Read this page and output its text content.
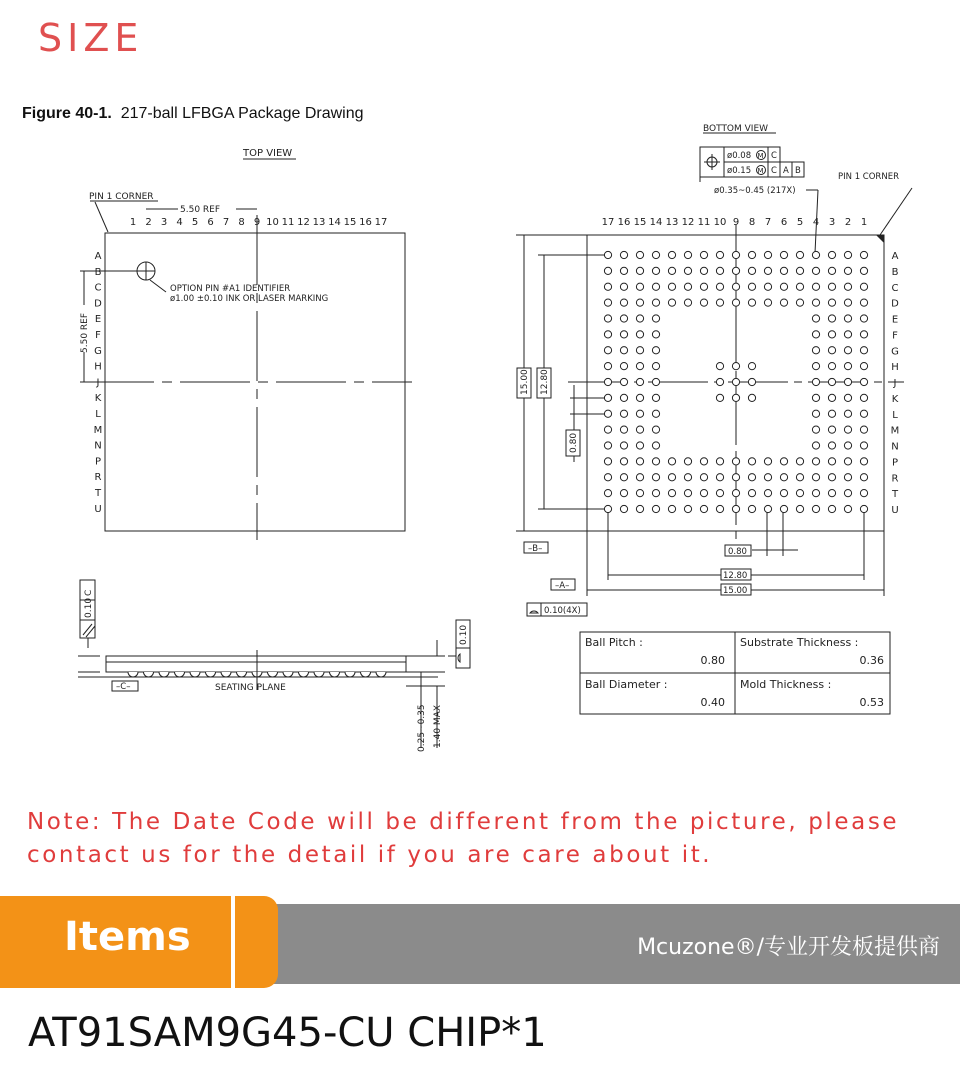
SIZE
Figure 40-1. 217-ball LFBGA Package Drawing
TOP VIEW
PIN 1 CORNER
5.50 REF
OPTION PIN #A1 IDENTIFIER
ø1.00 ±0.10 INK OR LASER MARKING
5.50 REF
1 2 3 4 5 6 7 8 9 10 11 12 13 14 15 16 17
A
B
C
D
E
F
G
H
J
K
L
M
N
P
R
T
U
BOTTOM VIEW
ø0.08 M C
ø0.15 M C A B
ø0.35~0.45 (217X)
PIN 1 CORNER
17 16 15 14 13 12 11 10 9 8 7 6 5 4 3 2 1
A
B
C
D
E
F
G
H
J
K
L
M
N
P
R
T
U
15.00 12.80
0.80
–B–	0.80
12.80
15.00
–A–
0.10(4X)
0.10
C
–C–	SEATING PLANE
0.10
0.25~0.35 1.40 MAX
Ball Pitch :
0.80
Substrate Thickness :
0.36
Ball Diameter :
0.40
Mold Thickness :
0.53
Note: The Date Code will be different from the picture, please contact us for the detail if you are care about it.
Items	Mcuzone®/专业开发板提供商
AT91SAM9G45-CU CHIP*1
